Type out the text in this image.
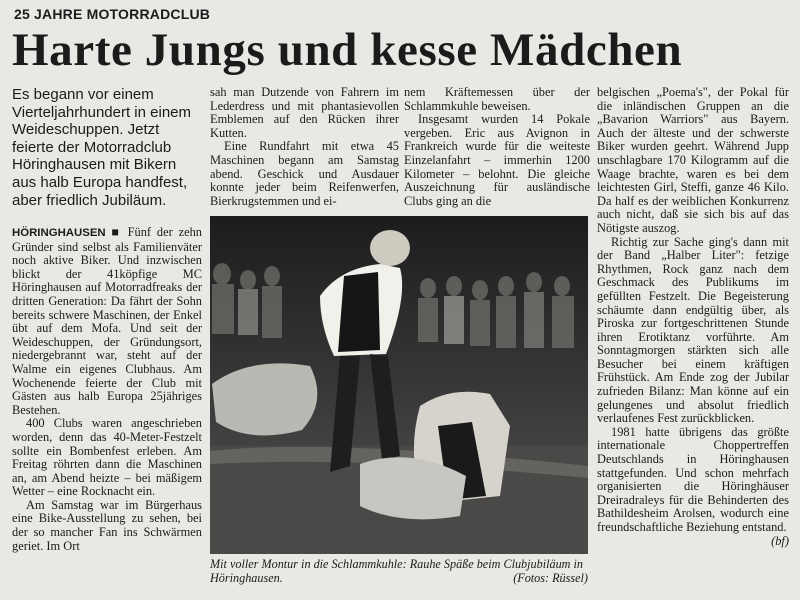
25 JAHRE MOTORRADCLUB
Harte Jungs und kesse Mädchen
Es begann vor einem Vierteljahrhundert in einem Weideschuppen. Jetzt feierte der Motorradclub Höringhausen mit Bikern aus halb Europa handfest, aber friedlich Jubiläum.

HÖRINGHAUSEN ■ Fünf der zehn Gründer sind selbst als Familienväter noch aktive Biker. Und inzwischen blickt der 41köpfige MC Höringhausen auf Motorradfreaks der dritten Generation: Da fährt der Sohn bereits schwere Maschinen, der Enkel übt auf dem Mofa. Und seit der Weideschuppen, der Gründungsort, niedergebrannt war, steht auf der Walme ein eigenes Clubhaus. Am Wochenende feierte der Club mit Gästen aus halb Europa 25jähriges Bestehen.

400 Clubs waren angeschrieben worden, denn das 40-Meter-Festzelt sollte ein Bombenfest erleben. Am Freitag röhrten dann die Maschinen an, am Abend heizte – bei mäßigem Wetter – eine Rocknacht ein.

Am Samstag war im Bürgerhaus eine Bike-Ausstellung zu sehen, bei der so mancher Fan ins Schwärmen geriet. Im Ort

sah man Dutzende von Fahrern im Lederdress und mit phantasievollen Emblemen auf den Rücken ihrer Kutten.

Eine Rundfahrt mit etwa 45 Maschinen begann am Samstag abend. Geschick und Ausdauer konnte jeder beim Reifenwerfen, Bierkrugstemmen und ei-

nem Kräftemessen über der Schlammkuhle beweisen.

Insgesamt wurden 14 Pokale vergeben. Eric aus Avignon in Frankreich wurde für die weiteste Einzelanfahrt – immerhin 1200 Kilometer – belohnt. Die gleiche Auszeichnung für ausländische Clubs ging an die

belgischen „Poema's", der Pokal für die inländischen Gruppen an die „Bavarion Warriors" aus Bayern. Auch der älteste und der schwerste Biker wurden geehrt. Während Jupp unschlagbare 170 Kilogramm auf die Waage brachte, waren es bei dem leichtesten Girl, Steffi, ganze 46 Kilo. Da half es der weiblichen Konkurrenz auch nicht, daß sie sich bis auf das Nötigste auszog.

Richtig zur Sache ging's dann mit der Band „Halber Liter": fetzige Rhythmen, Rock ganz nach dem Geschmack des Publikums im gefüllten Festzelt. Die Begeisterung schäumte dann endgültig über, als Piroska zur fortgeschrittenen Stunde ihren Erotiktanz vorführte. Am Sonntagmorgen stärkten sich alle Besucher bei einem kräftigen Frühstück. Am Ende zog der Jubilar zufrieden Bilanz: Man könne auf ein gelungenes und absolut friedlich verlaufenes Fest zurückblicken.

1981 hatte übrigens das größte internationale Choppertreffen Deutschlands in Höringhausen stattgefunden. Und schon mehrfach organisierten die Höringhäuser Dreiradraleys für die Behinderten des Bathildesheim Arolsen, wodurch eine freundschaftliche Beziehung entstand.
(bf)

Mit voller Montur in die Schlammkuhle: Rauhe Späße beim Clubjubiläum in Höringhausen.	(Fotos: Rüssel)
